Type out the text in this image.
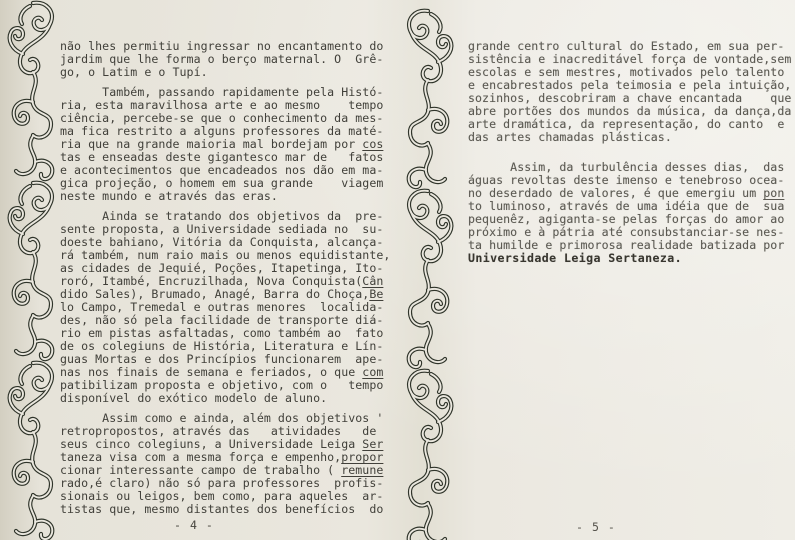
não lhes permitiu ingressar no encantamento do
jardim que lhe forma o berço maternal. O  Grê-
go, o Latim e o Tupí.
Também, passando rapidamente pela Histó-
ria, esta maravilhosa arte e ao mesmo    tempo
ciência, percebe-se que o conhecimento da mes-
ma fica restrito a alguns professores da maté-
ria que na grande maioria mal bordejam por cos
tas e enseadas deste gigantesco mar de   fatos
e acontecimentos que encadeados nos dão em ma-
gica projeção, o homem em sua grande    viagem
neste mundo e através das eras.
Ainda se tratando dos objetivos da  pre-
sente proposta, a Universidade sediada no  su-
doeste bahiano, Vitória da Conquista, alcança-
rá também, num raio mais ou menos equidistante,
as cidades de Jequié, Poções, Itapetinga, Ito-
roró, Itambé, Encruzilhada, Nova Conquista(Cân
dido Sales), Brumado, Anagé, Barra do Choça,Be
lo Campo, Tremedal e outras menores  localida-
des, não só pela facilidade de transporte diá-
rio em pistas asfaltadas, como também ao  fato
de os colegiuns de História, Literatura e Lín-
guas Mortas e dos Princípios funcionarem  ape-
nas nos finais de semana e feriados, o que com
patibilizam proposta e objetivo, com o   tempo
disponível do exótico modelo de aluno.
Assim como e ainda, além dos objetivos '
retropropostos, através das   atividades   de
seus cinco colegiuns, a Universidade Leiga Ser
taneza visa com a mesma força e empenho,propor
cionar interessante campo de trabalho ( remune
rado,é claro) não só para professores  profis-
sionais ou leigos, bem como, para aqueles  ar-
tistas que, mesmo distantes dos benefícios  do
- 4 -
grande centro cultural do Estado, em sua per-
sistência e inacreditável força de vontade,sem
escolas e sem mestres, motivados pelo talento
e encabrestados pela teimosia e pela intuição,
sozinhos, descobriram a chave encantada    que
abre portões dos mundos da música, da dança,da
arte dramática, da representação, do canto  e
das artes chamadas plásticas.
Assim, da turbulência desses dias,  das
águas revoltas deste imenso e tenebroso ocea-
no deserdado de valores, é que emergiu um pon
to luminoso, através de uma idéia que de  sua
pequenêz, agiganta-se pelas forças do amor ao
próximo e à pátria até consubstanciar-se nes-
ta humilde e primorosa realidade batizada por
Universidade Leiga Sertaneza.
- 5 -
